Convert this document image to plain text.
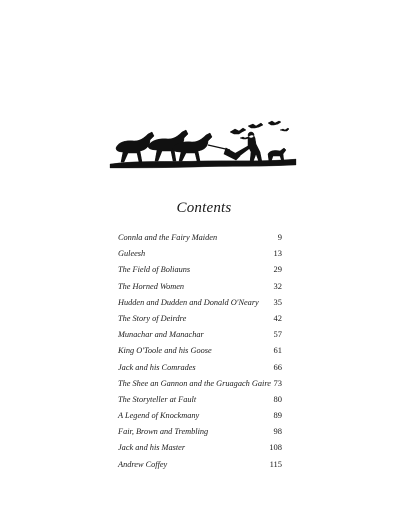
Contents
Connla and the Fairy Maiden	9
Guleesh	13
The Field of Boliauns	29
The Horned Women	32
Hudden and Dudden and Donald O'Neary 35
The Story of Deirdre	42
Munachar and Manachar	57
King O'Toole and his Goose	61
Jack and his Comrades	66
The Shee an Gannon and the Gruagach Gaire 73
The Storyteller at Fault	80
A Legend of Knockmany	89
Fair, Brown and Trembling	98
Jack and his Master	108
Andrew Coffey	115
